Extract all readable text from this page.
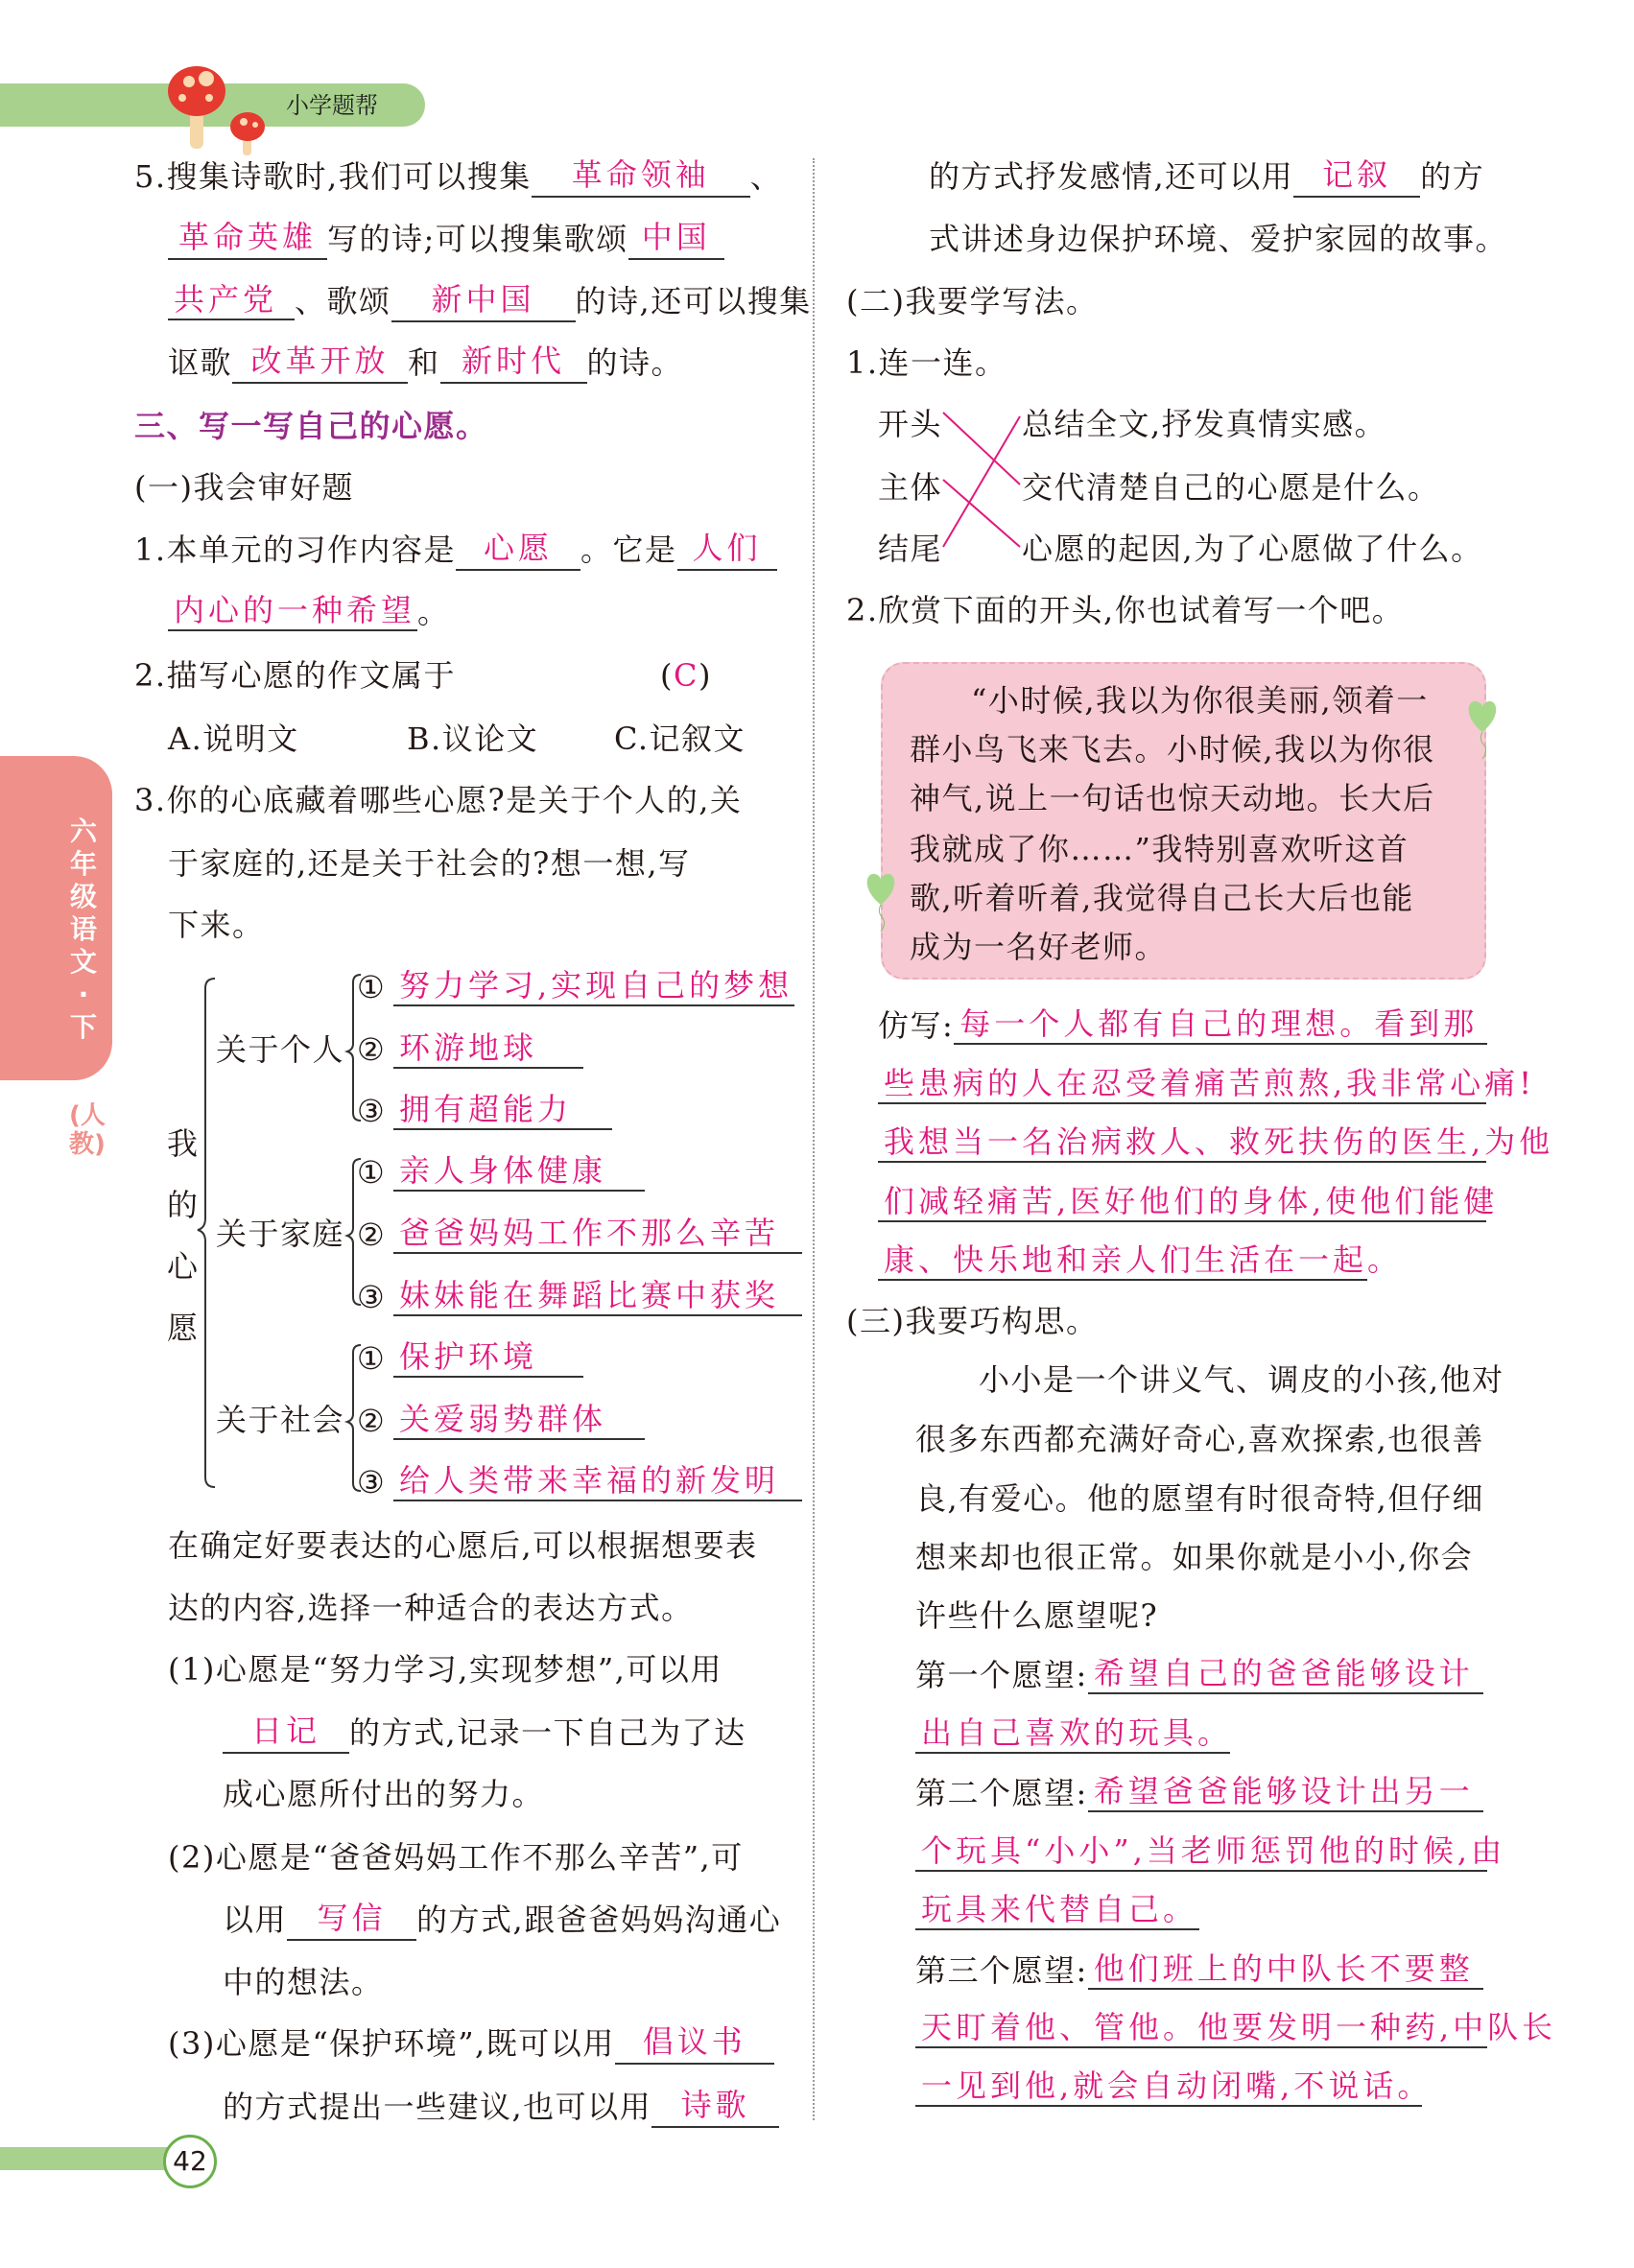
小学题帮
六年级语文·下
(人教) 我的心愿
42
5.搜集诗歌时,我们可以搜集 革命领袖 、
革命英雄 写的诗;可以搜集歌颂 中国
共产党 、歌颂 新中国 的诗,还可以搜集
讴歌 改革开放 和 新时代 的诗。
三、写一写自己的心愿。
(一)我会审好题
1.本单元的习作内容是 心愿 。它是 人们
内心的一种希望。
2.描写心愿的作文属于	(C)
A.说明文	B.议论文 C.记叙文
3.你的心底藏着哪些心愿?是关于个人的,关
于家庭的,还是关于社会的?想一想,写
下来。
在确定好要表达的心愿后,可以根据想要表
达的内容,选择一种适合的表达方式。
(1)心愿是“努力学习,实现梦想”,可以用
日记 的方式,记录一下自己为了达
成心愿所付出的努力。
(2)心愿是“爸爸妈妈工作不那么辛苦”,可
以用 写信 的方式,跟爸爸妈妈沟通心
中的想法。
(3)心愿是“保护环境”,既可以用 倡议书
的方式提出一些建议,也可以用 诗歌
的方式抒发感情,还可以用 记叙 的方
式讲述身边保护环境、爱护家园的故事。
(二)我要学写法。
1.连一连。
开头
主体
结尾
总结全文,抒发真情实感。
交代清楚自己的心愿是什么。
心愿的起因,为了心愿做了什么。
2.欣赏下面的开头,你也试着写一个吧。
“小时候,我以为你很美丽,领着一
群小鸟飞来飞去。小时候,我以为你很
神气,说上一句话也惊天动地。长大后
我就成了你……”我特别喜欢听这首
歌,听着听着,我觉得自己长大后也能
成为一名好老师。
仿写: 每一个人都有自己的理想。看到那
些患病的人在忍受着痛苦煎熬,我非常心痛!
我想当一名治病救人、救死扶伤的医生,为他
们减轻痛苦,医好他们的身体,使他们能健
康、快乐地和亲人们生活在一起。
(三)我要巧构思。
小小是一个讲义气、调皮的小孩,他对
很多东西都充满好奇心,喜欢探索,也很善
良,有爱心。他的愿望有时很奇特,但仔细
想来却也很正常。如果你就是小小,你会
许些什么愿望呢?
第一个愿望: 希望自己的爸爸能够设计
出自己喜欢的玩具。
第二个愿望: 希望爸爸能够设计出另一
个玩具“小小”,当老师惩罚他的时候,由
玩具来代替自己。
第三个愿望: 他们班上的中队长不要整
天盯着他、管他。他要发明一种药,中队长
一见到他,就会自动闭嘴,不说话。
关于个人
① 努力学习,实现自己的梦想
② 环游地球
③ 拥有超能力
关于家庭
① 亲人身体健康
② 爸爸妈妈工作不那么辛苦
③ 妹妹能在舞蹈比赛中获奖
关于社会
① 保护环境
② 关爱弱势群体
③ 给人类带来幸福的新发明
